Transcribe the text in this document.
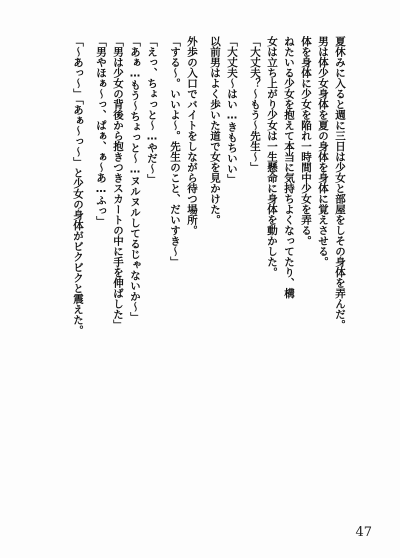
夏休みに入ると週に三日は少女と部屋をしその身体を弄んだ。
男は体少女身体を夏の身体を身体に覚えさせる。
体を身体に少女を陥れ一時間中少女を弄る。
ねたいる少女を抱えて本当に気持ちよくなってたり、構
女は立ち上がり少女は一生懸命に身体を動かした。
「大丈夫？〜もう〜先生〜」
「大丈夫〜はい…きもちいい」
以前男はよく歩いた道で女を見かけた。
外歩の入口でバイトをしながら待つ場所。
「する〜。いいよ〜。先生のこと、だいすき〜」
「えっ、ちょっと〜…やだ〜」
「あぁ…もう〜ちょっと〜…ヌルヌルしてるじゃないか〜」
「男は少女の背後から抱きつきスカートの中に手を伸ばした」
「男やほぁ〜っ、ぱぁ、ぁ〜あ…ふっ」
「〜あっ〜」「あぁ〜っ〜」と少女の身体がビクビクと震えた。
47
